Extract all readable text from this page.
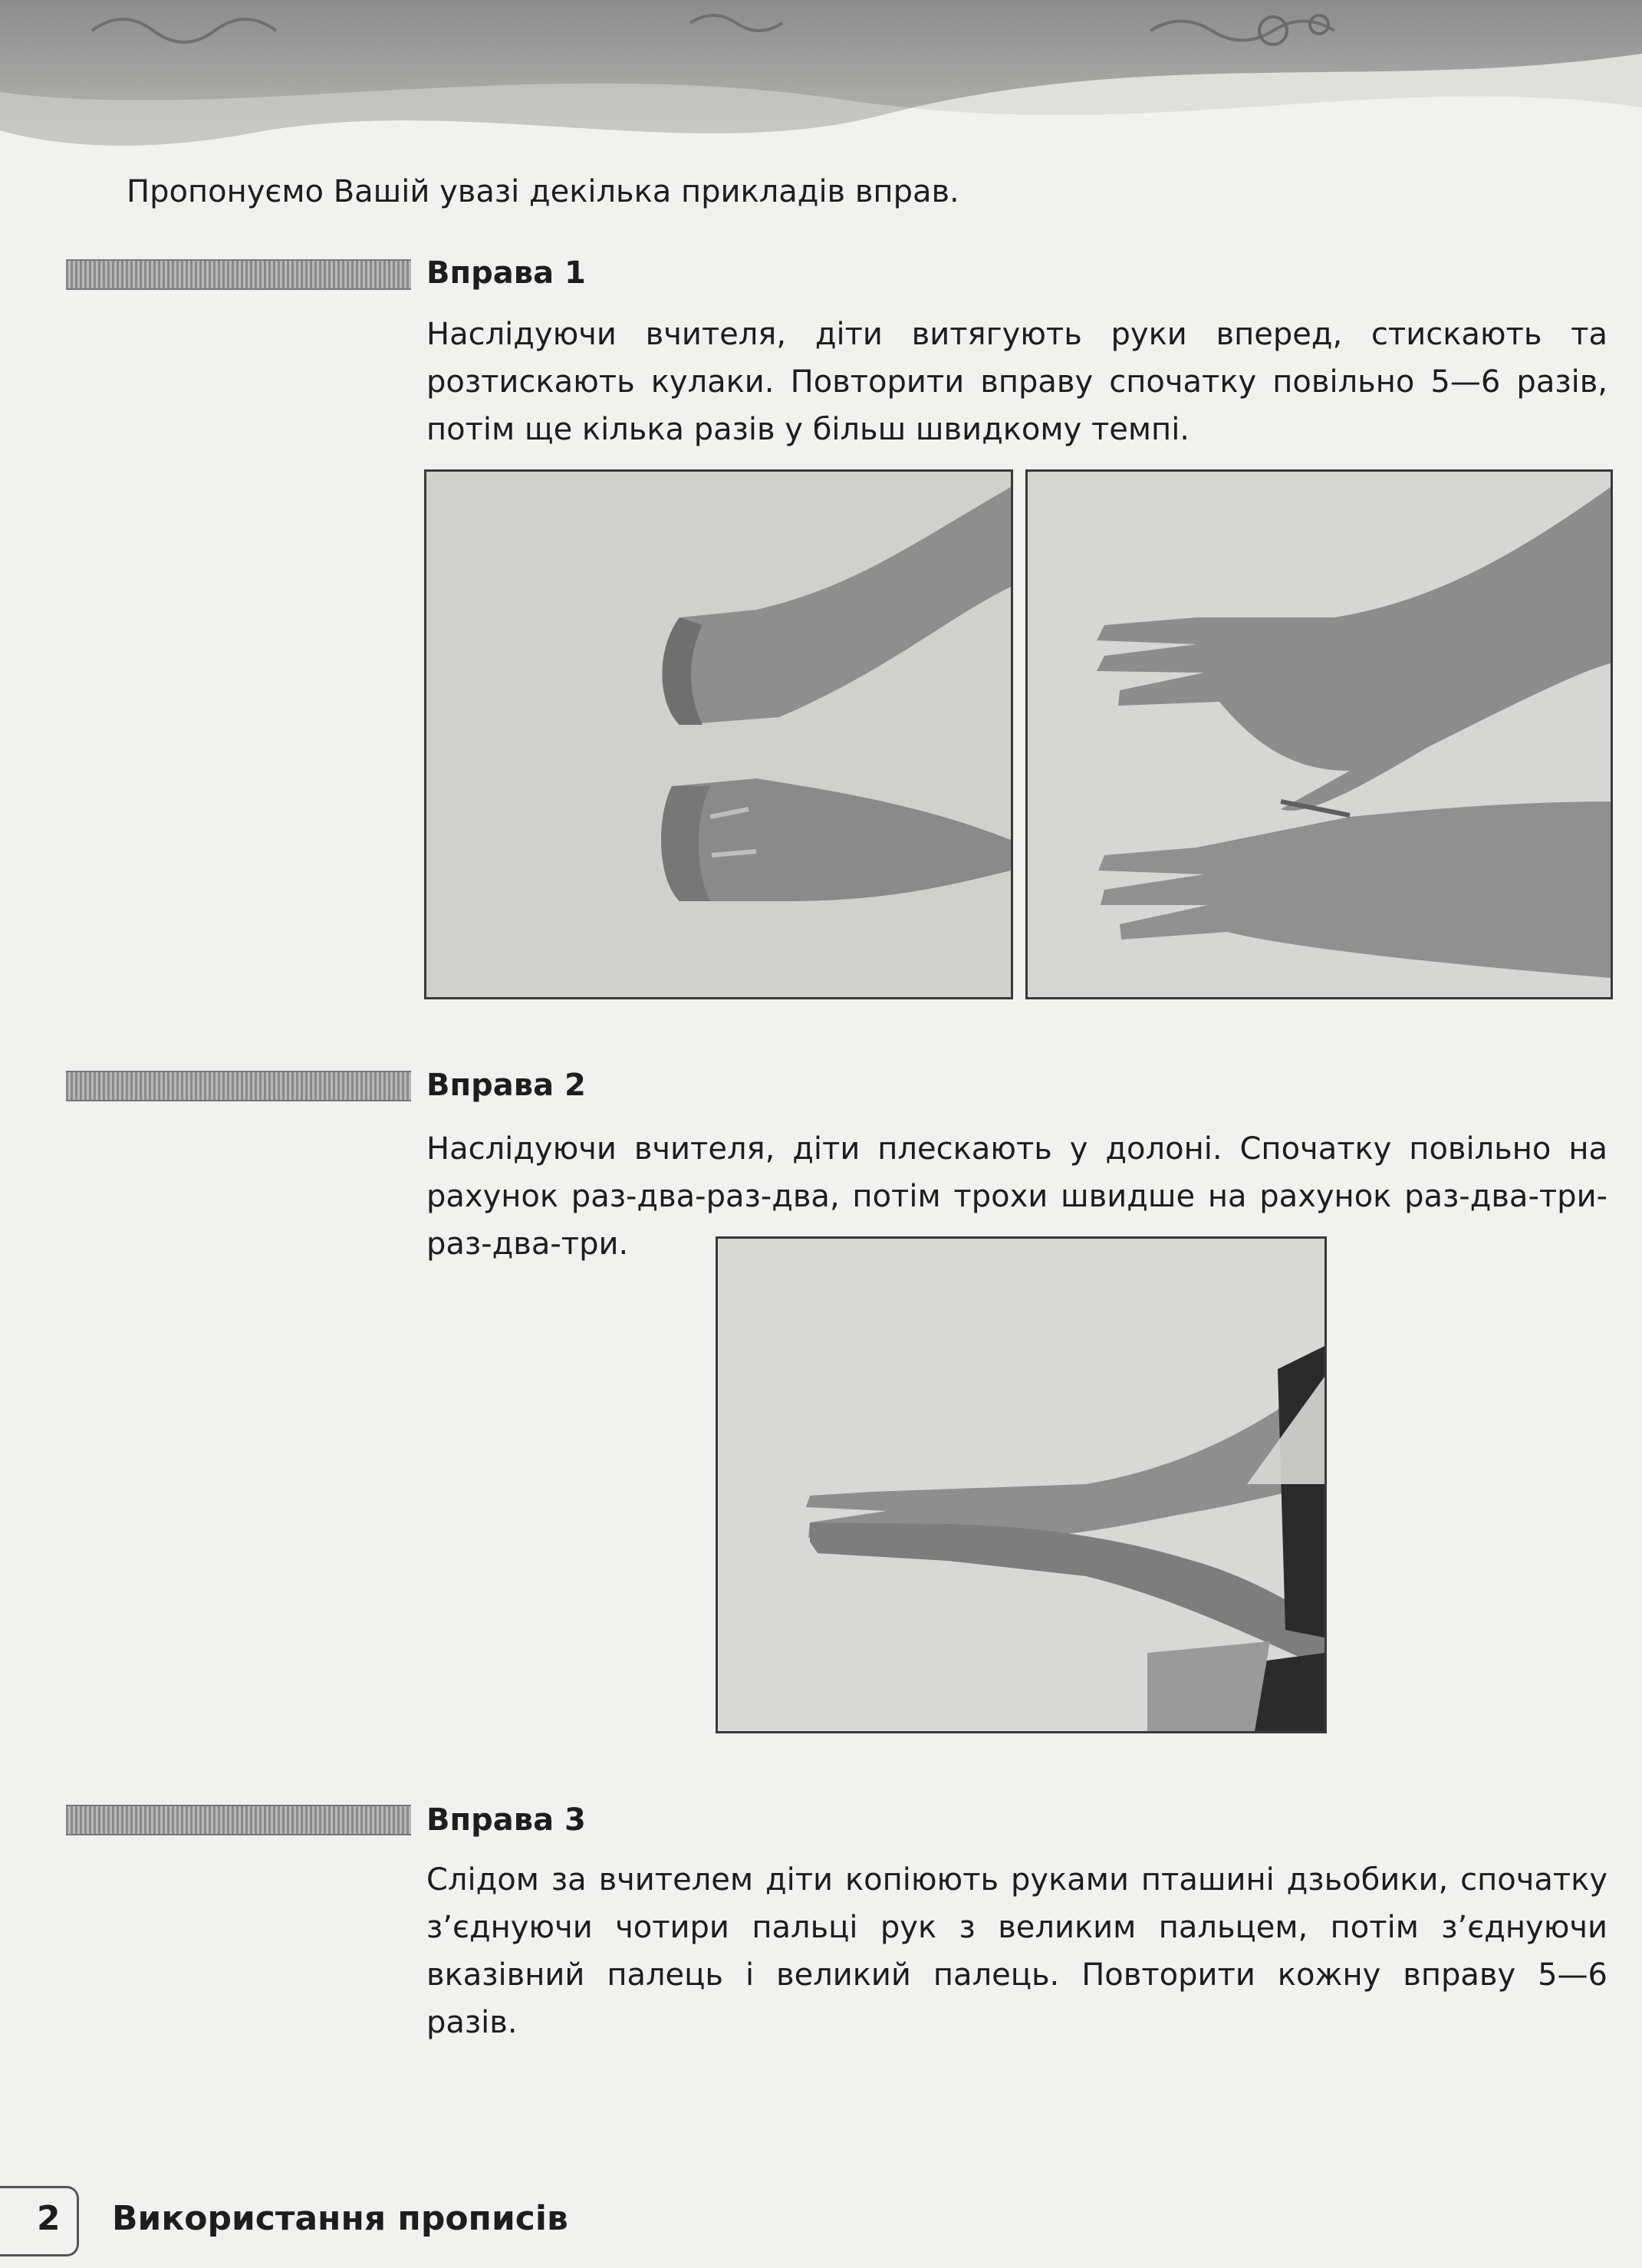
Пропонуємо Вашій увазі декілька прикладів вправ.
Вправа 1
Наслідуючи вчителя, діти витягують руки вперед, стискають та розтискають кулаки. Повторити вправу спочатку повільно 5—6 разів, потім ще кілька разів у більш швидкому темпі.
Вправа 2
Наслідуючи вчителя, діти плескають у долоні. Спочатку повільно на рахунок раз-два-раз-два, потім трохи швидше на рахунок раз-два-три-раз-два-три.
Вправа 3
Слідом за вчителем діти копіюють руками пташині дзьобики, спочатку з’єднуючи чотири пальці рук з великим пальцем, потім з’єднуючи вказівний палець і великий палець. Повторити кожну вправу 5—6 разів.
2 Використання прописів
